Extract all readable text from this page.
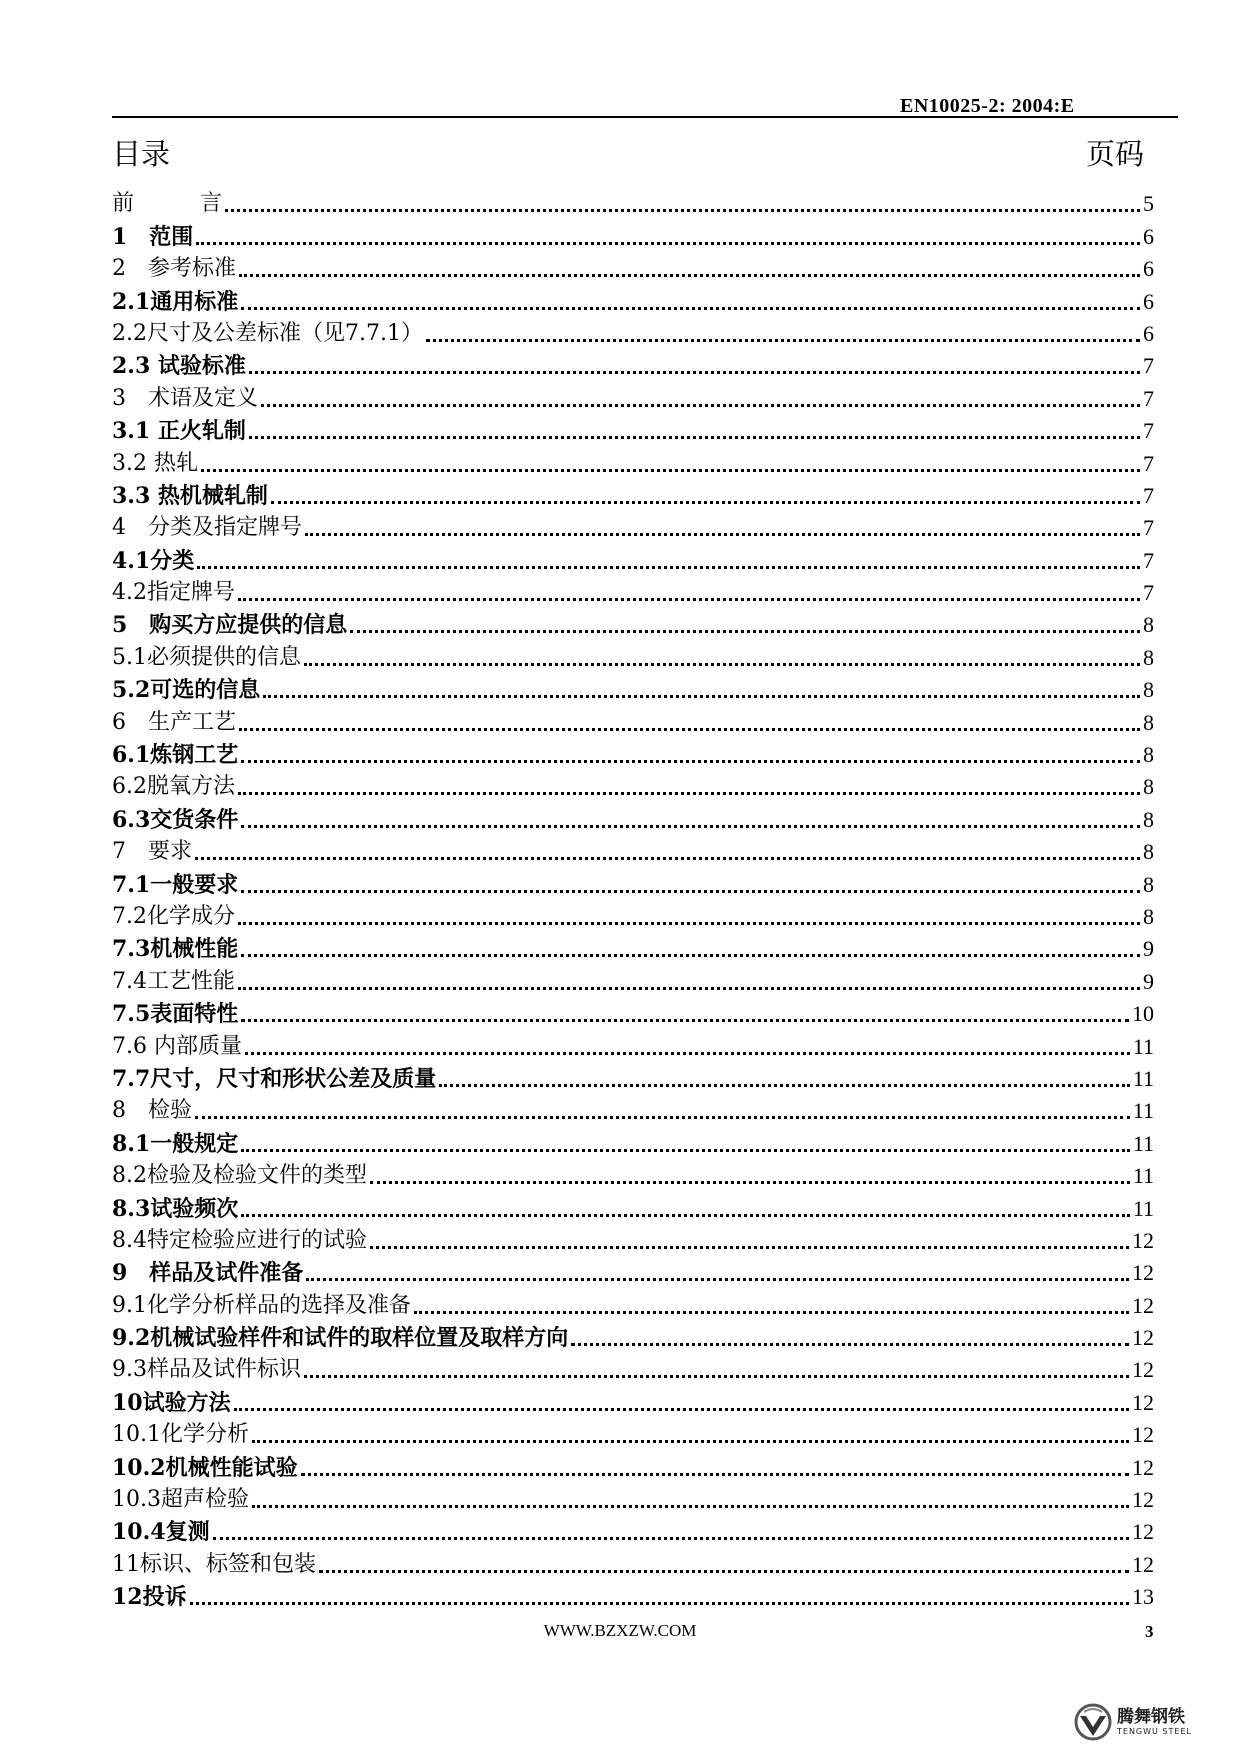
EN10025-2: 2004:E
目录	页码
前　　　言	5
1　范围	6
2　参考标准	6
2.1通用标准	6
2.2尺寸及公差标准（见7.7.1）	6
2.3 试验标准	7
3　术语及定义	7
3.1 正火轧制	7
3.2 热轧	7
3.3 热机械轧制	7
4　分类及指定牌号	7
4.1分类	7
4.2指定牌号	7
5　购买方应提供的信息	8
5.1必须提供的信息	8
5.2可选的信息	8
6　生产工艺	8
6.1炼钢工艺	8
6.2脱氧方法	8
6.3交货条件	8
7　要求	8
7.1一般要求	8
7.2化学成分	8
7.3机械性能	9
7.4工艺性能	9
7.5表面特性	10
7.6 内部质量	11
7.7尺寸，尺寸和形状公差及质量	11
8　检验	11
8.1一般规定	11
8.2检验及检验文件的类型	11
8.3试验频次	11
8.4特定检验应进行的试验	12
9　样品及试件准备	12
9.1化学分析样品的选择及准备	12
9.2机械试验样件和试件的取样位置及取样方向	12
9.3样品及试件标识	12
10试验方法	12
10.1化学分析	12
10.2机械性能试验	12
10.3超声检验	12
10.4复测	12
11标识、标签和包装	12
12投诉	13
WWW.BZXZW.COM	3
腾舞钢铁
TENGWU STEEL
